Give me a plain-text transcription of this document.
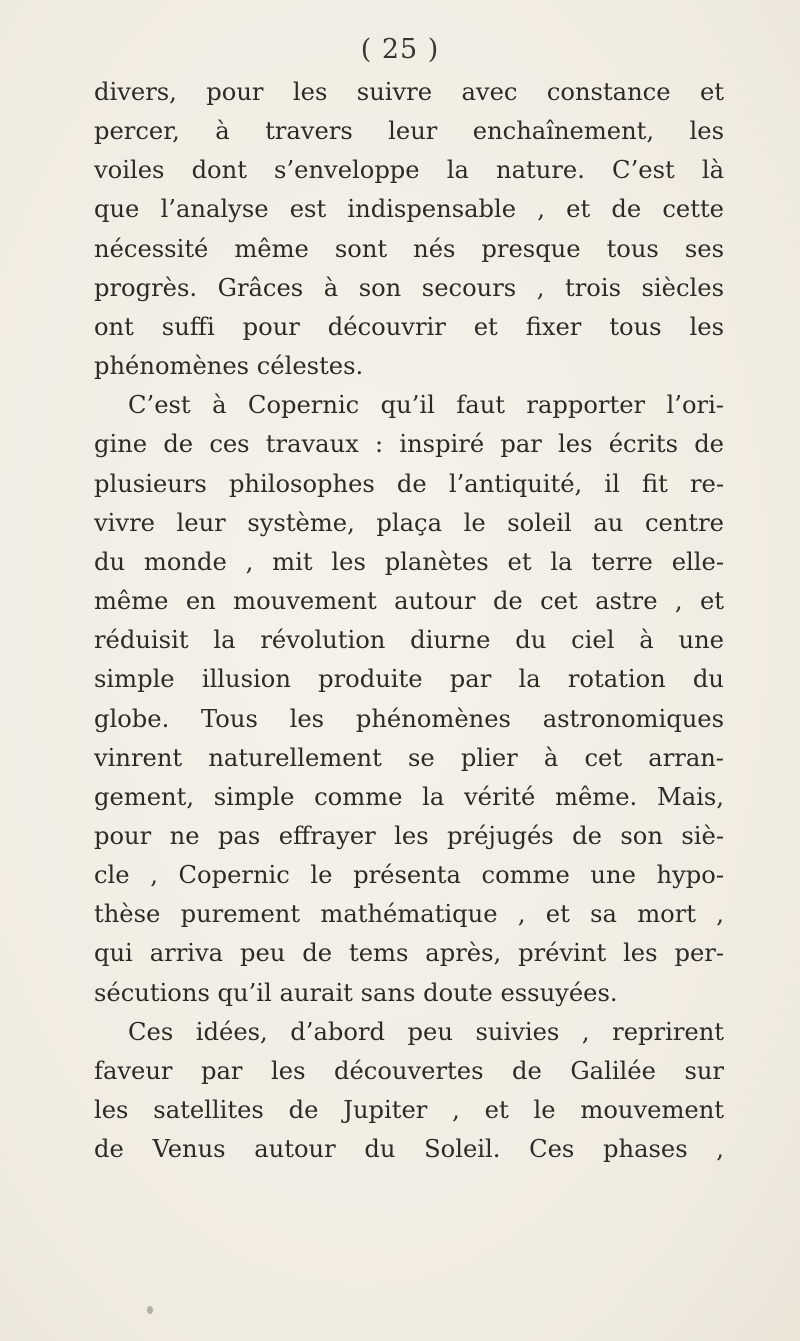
( 25 )
divers, pour les suivre avec constance et
percer, à travers leur enchaînement, les
voiles dont s’enveloppe la nature. C’est là
que l’analyse est indispensable , et de cette
nécessité même sont nés presque tous ses
progrès. Grâces à son secours , trois siècles
ont suffi pour découvrir et fixer tous les
phénomènes célestes.
C’est à Copernic qu’il faut rapporter l’ori-
gine de ces travaux : inspiré par les écrits de
plusieurs philosophes de l’antiquité, il fit re-
vivre leur système, plaça le soleil au centre
du monde , mit les planètes et la terre elle-
même en mouvement autour de cet astre , et
réduisit la révolution diurne du ciel à une
simple illusion produite par la rotation du
globe. Tous les phénomènes astronomiques
vinrent naturellement se plier à cet arran-
gement, simple comme la vérité même. Mais,
pour ne pas effrayer les préjugés de son siè-
cle , Copernic le présenta comme une hypo-
thèse purement mathématique , et sa mort ,
qui arriva peu de tems après, prévint les per-
sécutions qu’il aurait sans doute essuyées.
Ces idées, d’abord peu suivies , reprirent
faveur par les découvertes de Galilée sur
les satellites de Jupiter , et le mouvement
de Venus autour du Soleil. Ces phases ,
